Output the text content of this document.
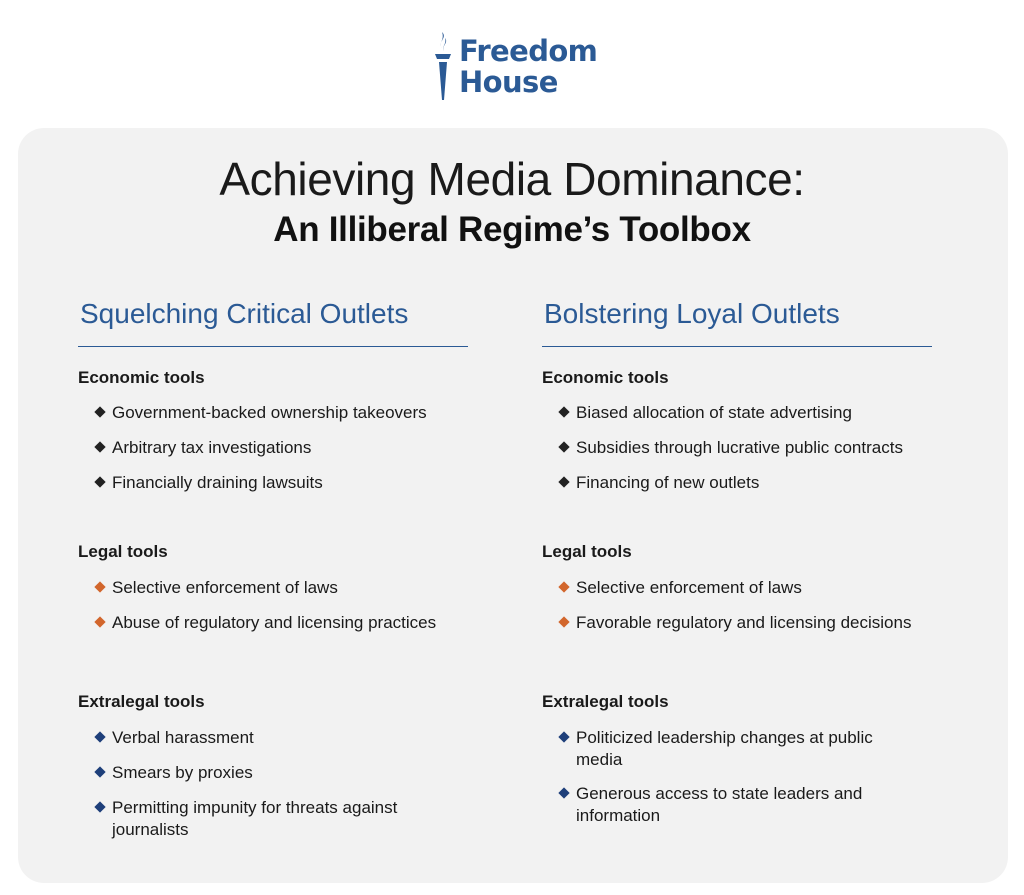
Freedom
House
Achieving Media Dominance:
An Illiberal Regime’s Toolbox
Squelching Critical Outlets
Economic tools
Government-backed ownership takeovers
Arbitrary tax investigations
Financially draining lawsuits
Legal tools
Selective enforcement of laws
Abuse of regulatory and licensing practices
Extralegal tools
Verbal harassment
Smears by proxies
Permitting impunity for threats against journalists
Bolstering Loyal Outlets
Economic tools
Biased allocation of state advertising
Subsidies through lucrative public contracts
Financing of new outlets
Legal tools
Selective enforcement of laws
Favorable regulatory and licensing decisions
Extralegal tools
Politicized leadership changes at public media
Generous access to state leaders and information
